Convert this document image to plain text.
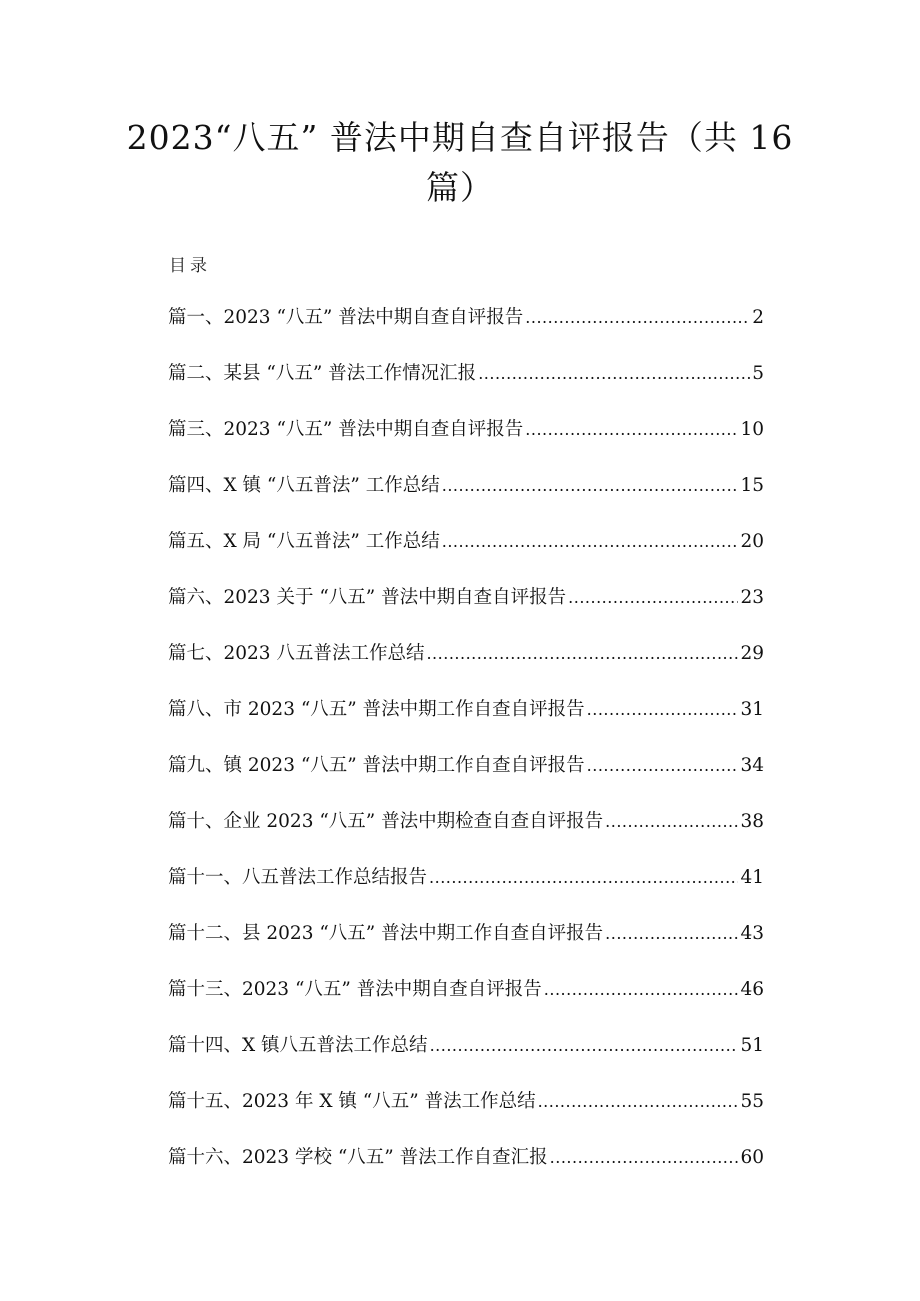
2023“八五” 普法中期自查自评报告（共 16
篇）
目录
篇一、2023 “八五” 普法中期自查自评报告 .....	2
篇二、某县 “八五” 普法工作情况汇报 .....	5
篇三、2023 “八五” 普法中期自查自评报告 .....	10
篇四、X 镇 “八五普法” 工作总结 .....	15
篇五、X 局 “八五普法” 工作总结 .....	20
篇六、2023 关于 “八五” 普法中期自查自评报告 .....	23
篇七、2023 八五普法工作总结 .....	29
篇八、市 2023 “八五” 普法中期工作自查自评报告 .....	31
篇九、镇 2023 “八五” 普法中期工作自查自评报告 .....	34
篇十、企业 2023 “八五” 普法中期检查自查自评报告 .....	38
篇十一、八五普法工作总结报告 .....	41
篇十二、县 2023 “八五” 普法中期工作自查自评报告 .....	43
篇十三、2023 “八五” 普法中期自查自评报告 .....	46
篇十四、X 镇八五普法工作总结 .....	51
篇十五、2023 年 X 镇 “八五” 普法工作总结 .....	55
篇十六、2023 学校 “八五” 普法工作自查汇报 .....	60
